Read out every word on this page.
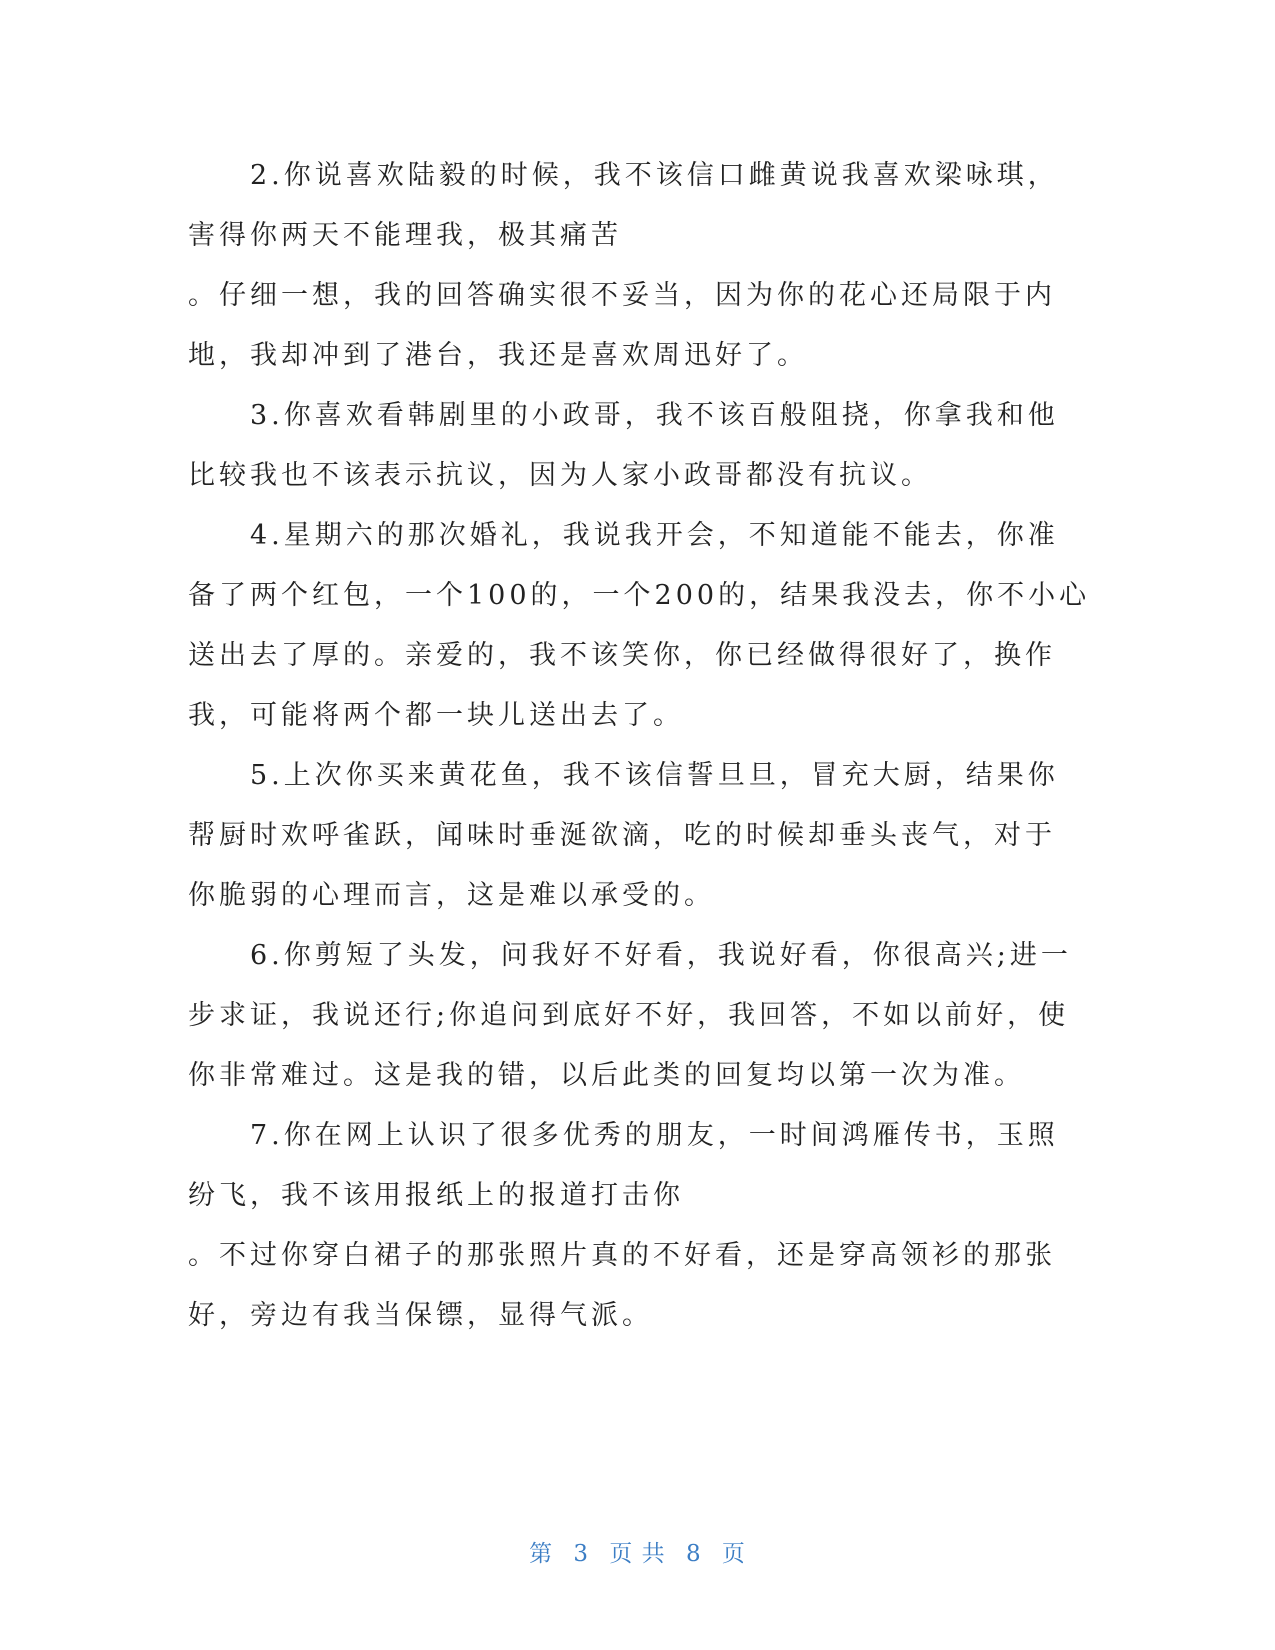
2.你说喜欢陆毅的时候，我不该信口雌黄说我喜欢梁咏琪，
害得你两天不能理我，极其痛苦
。仔细一想，我的回答确实很不妥当，因为你的花心还局限于内
地，我却冲到了港台，我还是喜欢周迅好了。
3.你喜欢看韩剧里的小政哥，我不该百般阻挠，你拿我和他
比较我也不该表示抗议，因为人家小政哥都没有抗议。
4.星期六的那次婚礼，我说我开会，不知道能不能去，你准
备了两个红包，一个100的，一个200的，结果我没去，你不小心
送出去了厚的。亲爱的，我不该笑你，你已经做得很好了，换作
我，可能将两个都一块儿送出去了。
5.上次你买来黄花鱼，我不该信誓旦旦，冒充大厨，结果你
帮厨时欢呼雀跃，闻味时垂涎欲滴，吃的时候却垂头丧气，对于
你脆弱的心理而言，这是难以承受的。
6.你剪短了头发，问我好不好看，我说好看，你很高兴;进一
步求证，我说还行;你追问到底好不好，我回答，不如以前好，使
你非常难过。这是我的错，以后此类的回复均以第一次为准。
7.你在网上认识了很多优秀的朋友，一时间鸿雁传书，玉照
纷飞，我不该用报纸上的报道打击你
。不过你穿白裙子的那张照片真的不好看，还是穿高领衫的那张
好，旁边有我当保镖，显得气派。
第 3 页 共 8 页
